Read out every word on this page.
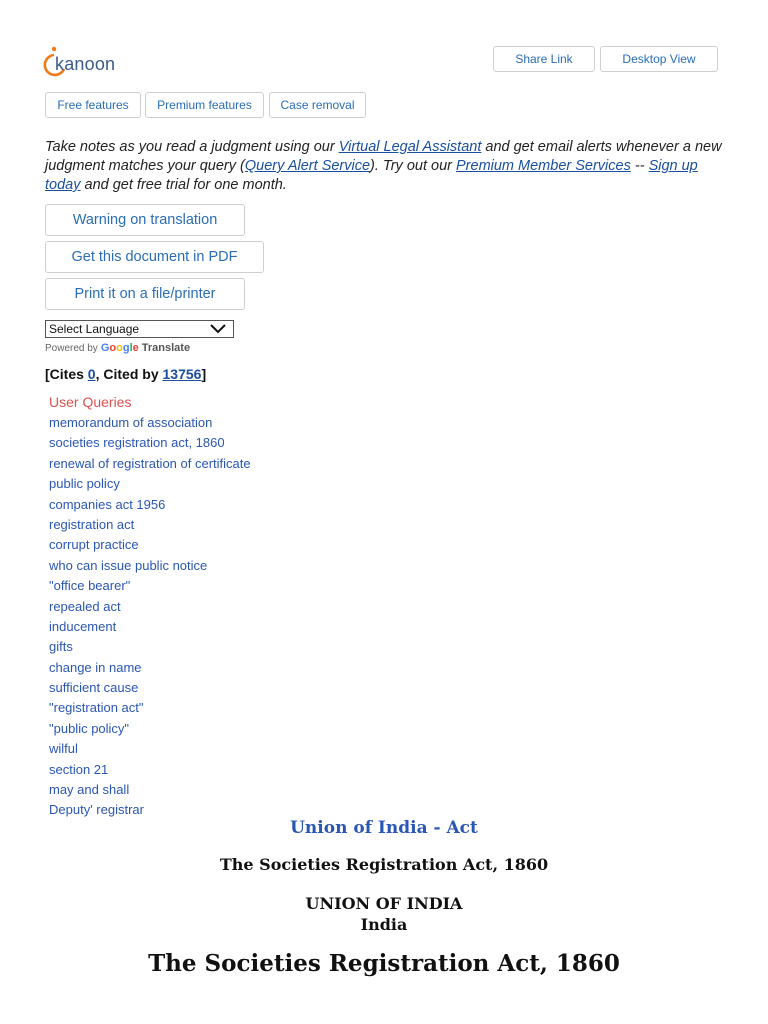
kanoon	Share Link	Desktop View
Free features Premium features Case removal
Take notes as you read a judgment using our Virtual Legal Assistant and get email alerts whenever a new judgment matches your query (Query Alert Service). Try out our Premium Member Services -- Sign up today and get free trial for one month.
Warning on translation
Get this document in PDF
Print it on a file/printer
Select Language
Powered by Google Translate
[Cites 0, Cited by 13756]
User Queries
memorandum of association
societies registration act, 1860
renewal of registration of certificate
public policy
companies act 1956
registration act
corrupt practice
who can issue public notice
"office bearer"
repealed act
inducement
gifts
change in name
sufficient cause
"registration act"
"public policy"
wilful
section 21
may and shall
Deputy' registrar
Union of India - Act
The Societies Registration Act, 1860
UNION OF INDIA
India
The Societies Registration Act, 1860
